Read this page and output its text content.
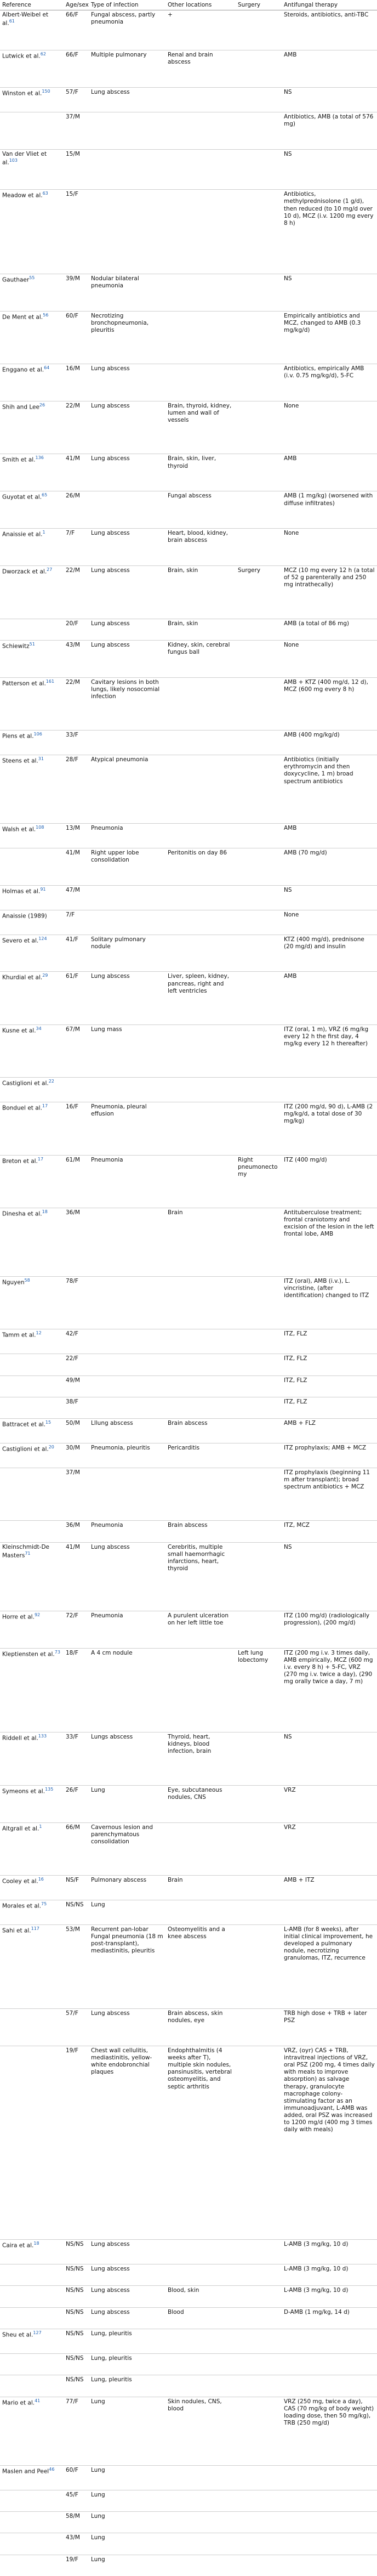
Reference	Age/sex	Type of infection	Other locations	Surgery	Antifungal therapy
Albert-Weibel et al.$^{61}$	66/F	Fungal abscess, partly pneumonia	+		Steroids, antibiotics, anti-TBC
Lutwick et al.$^{62}$	66/F	Multiple pulmonary	Renal and brain abscess		AMB
Winston et al.$^{150}$	57/F	Lung abscess			NS
	37/M				Antibiotics, AMB (a total of 576 mg)
Van der Vliet et al.$^{103}$	15/M				NS
Meadow et al.$^{63}$	15/F				Antibiotics, methylprednisolone (1 g/d), then reduced (to 10 mg/d over 10 d), MCZ (i.v. 1200 mg every 8 h)
Gauthaer$^{55}$	39/M	Nodular bilateral pneumonia			NS
De Ment et al.$^{56}$	60/F	Necrotizing bronchopneumonia, pleuritis			Empirically antibiotics and MCZ, changed to AMB (0.3 mg/kg/d)
Enggano et al.$^{64}$	16/M	Lung abscess			Antibiotics, empirically AMB (i.v. 0.75 mg/kg/d), 5-FC
Shih and Lee$^{26}$	22/M	Lung abscess	Brain, thyroid, kidney, lumen and wall of vessels		None
Smith et al.$^{136}$	41/M	Lung abscess	Brain, skin, liver, thyroid		AMB
Guyotat et al.$^{65}$	26/M		Fungal abscess		AMB (1 mg/kg) (worsened with diffuse infiltrates)
Anaissie et al.$^1$	7/F	Lung abscess	Heart, blood, kidney, brain abscess		None
Dworzack et al.$^{27}$	22/M	Lung abscess	Brain, skin	Surgery	MCZ (10 mg every 12 h (a total of 52 g parenterally and 250 mg intrathecally)
	20/F	Lung abscess	Brain, skin		AMB (a total of 86 mg)
Schiewitz$^{51}$	43/M	Lung abscess	Kidney, skin, cerebral fungus ball		None
Patterson et al.$^{161}$	22/M	Cavitary lesions in both lungs, likely nosocomial infection			AMB + KTZ (400 mg/d, 12 d), MCZ (600 mg every 8 h)
Piens et al.$^{106}$	33/F				AMB (400 mg/kg/d)
Steens et al.$^{31}$	28/F	Atypical pneumonia			Antibiotics (initially erythromycin and then doxycycline, 1 m) broad spectrum antibiotics
Walsh et al.$^{108}$	13/M	Pneumonia			AMB
	41/M	Right upper lobe consolidation	Peritonitis on day 86		AMB (70 mg/d)
Holmas et al.$^{91}$	47/M				NS
Anaissie (1989)	7/F				None
Severo et al.$^{124}$	41/F	Solitary pulmonary nodule			KTZ (400 mg/d), prednisone (20 mg/d) and insulin
Khurdial et al.$^{29}$	61/F	Lung abscess	Liver, spleen, kidney, pancreas, right and left ventricles		AMB
Kusne et al.$^{34}$	67/M	Lung mass			ITZ (oral, 1 m), VRZ (6 mg/kg every 12 h the first day, 4 mg/kg every 12 h thereafter)
Castiglioni et al.$^{22}$					
Bonduel et al.$^{17}$	16/F	Pneumonia, pleural effusion			ITZ (200 mg/d, 90 d), L-AMB (2 mg/kg/d, a total dose of 30 mg/kg)
Breton et al.$^{17}$	61/M	Pneumonia		Right pneumonectomy	ITZ (400 mg/d)
Dinesha et al.$^{18}$	36/M		Brain		Antituberculose treatment; frontal craniotomy and excision of the lesion in the left frontal lobe, AMB
Nguyen$^{58}$	78/F				ITZ (oral), AMB (i.v.), L. vincristine, (after identification) changed to ITZ
Tamm et al.$^{12}$	42/F				ITZ, FLZ
	22/F				ITZ, FLZ
	49/M				ITZ, FLZ
	38/F				ITZ, FLZ
Battracet et al.$^{15}$	50/M	Lllung abscess	Brain abscess		AMB + FLZ
Castiglioni et al.$^{20}$	30/M	Pneumonia, pleuritis	Pericarditis		ITZ prophylaxis; AMB + MCZ
	37/M				ITZ prophylaxis (beginning 11 m after transplant); broad spectrum antibiotics + MCZ
	36/M	Pneumonia	Brain abscess		ITZ, MCZ
Kleinschmidt-De Masters$^{71}$	41/M	Lung abscess	Cerebritis, multiple small haemorrhagic infarctions, heart, thyroid		NS
Horre et al.$^{92}$	72/F	Pneumonia	A purulent ulceration on her left little toe		ITZ (100 mg/d) (radiologically progression), (200 mg/d)
Kleptiensten et al.$^{73}$	18/F	A 4 cm nodule		Left lung lobectomy	ITZ (200 mg i.v. 3 times daily, AMB empirically, MCZ (600 mg i.v. every 8 h) + 5-FC, VRZ (270 mg i.v. twice a day), (290 mg orally twice a day, 7 m)
Riddell et al.$^{133}$	33/F	Lungs abscess	Thyroid, heart, kidneys, blood infection, brain		NS
Symeons et al.$^{135}$	26/F	Lung	Eye, subcutaneous nodules, CNS		VRZ
Altgrall et al.$^1$	66/M	Cavernous lesion and parenchymatous consolidation			VRZ
Cooley et al.$^{16}$	NS/F	Pulmonary abscess	Brain		AMB + ITZ
Morales et al.$^{75}$	NS/NS	Lung			
Sahi et al.$^{117}$	53/M	Recurrent pan-lobar Fungal pneumonia (18 m post-transplant), mediastinitis, pleuritis	Osteomyelitis and a knee abscess		L-AMB (for 8 weeks), after initial clinical improvement, he developed a pulmonary nodule, necrotizing granulomas, ITZ, recurrence
	57/F	Lung abscess	Brain abscess, skin nodules, eye		TRB high dose + TRB + later PSZ
	19/F	Chest wall cellulitis, mediastinitis, yellow-white endobronchial plaques	Endophthalmitis (4 weeks after T), multiple skin nodules, pansinusitis, vertebral osteomyelitis, and septic arthritis		VRZ, (oyr) CAS + TRB, intravitreal injections of VRZ, oral PSZ (200 mg, 4 times daily with meals to improve absorption) as salvage therapy, granulocyte macrophage colony-stimulating factor as an immunoadjuvant, L-AMB was added, oral PSZ was increased to 1200 mg/d (400 mg 3 times daily with meals)
Caira et al.$^{18}$	NS/NS	Lung abscess			L-AMB (3 mg/kg, 10 d)
	NS/NS	Lung abscess			L-AMB (3 mg/kg, 10 d)
	NS/NS	Lung abscess	Blood, skin		L-AMB (3 mg/kg, 10 d)
	NS/NS	Lung abscess	Blood		D-AMB (1 mg/kg, 14 d)
Sheu et al.$^{127}$	NS/NS	Lung, pleuritis			
	NS/NS	Lung, pleuritis			
	NS/NS	Lung, pleuritis			
Mario et al.$^{41}$	77/F	Lung	Skin nodules, CNS, blood		VRZ (250 mg, twice a day), CAS (70 mg/kg of body weight) loading dose, then 50 mg/kg), TRB (250 mg/d)
Maslen and Peel$^{46}$	60/F	Lung			
	45/F	Lung			
	58/M	Lung			
	43/M	Lung			
	19/F	Lung			
